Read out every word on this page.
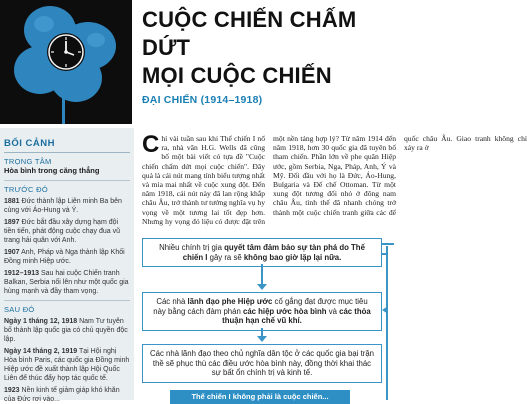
CUỘC CHIẾN CHẤM DỨT
MỌI CUỘC CHIẾN
ĐẠI CHIẾN (1914–1918)
BỐI CẢNH
TRỌNG TÂM
Hòa bình trong căng thẳng
TRƯỚC ĐÓ
1881 Đức thành lập Liên minh Ba bên cùng với Áo-Hung và Ý.
1897 Đức bắt đầu xây dựng hạm đội tiền tiến, phát động cuộc chạy đua vũ trang hải quân với Anh.
1907 Anh, Pháp và Nga thành lập Khối Đồng minh Hiệp ước.
1912–1913 Sau hai cuộc Chiến tranh Balkan, Serbia nổi lên như một quốc gia hùng mạnh và đầy tham vọng.
SAU ĐÓ
Ngày 1 tháng 12, 1918 Nam Tư tuyên bố thành lập quốc gia có chủ quyền độc lập.
Ngày 14 tháng 2, 1919 Tại Hội nghị Hòa bình Paris, các quốc gia Đồng minh Hiệp ước đề xuất thành lập Hội Quốc Liên để thúc đẩy hợp tác quốc tế.
1923 Nền kinh tế giảm giáp khó khăn của Đức rơi vào...
Chỉ vài tuần sau khi Thế chiến I nổ ra, nhà văn H.G. Wells đã cũng bố một bài viết có tựa đề "Cuộc chiến chấm dứt mọi cuộc chiến". Đây quả là cái nút mang tính biểu tượng nhất và mỉa mai nhất về cuộc xung đột. Đến năm 1918, cái nút này đã lan rộng khắp châu Âu, trở thành tư tưởng nghĩa vụ hy vọng về một tương lai tốt đẹp hơn. Nhưng hy vọng đó liệu có được đặt trên một nền tảng hợp lý? Từ năm 1914 đến năm 1918, hơn 30 quốc gia đã tuyên bố tham chiến. Phần lớn về phe quân Hiệp ước, gồm Serbia, Nga, Pháp, Anh, Ý và Mỹ. Đối đầu với họ là Đức, Áo-Hung, Bulgaria và Đế chế Ottoman. Từ một xung đột tương đối nhỏ ở đông nam châu Âu, tình thế đã nhanh chóng trở thành một cuộc chiến tranh giữa các đế quốc châu Âu. Giao tranh không chỉ xảy ra ở
Nhiều chính trị gia quyết tâm đảm bảo sự tàn phá do Thế chiến I gây ra sẽ không bao giờ lặp lại nữa.
Các nhà lãnh đạo phe Hiệp ước cố gắng đạt được mục tiêu này bằng cách đàm phán các hiệp ước hòa bình và các thỏa thuận hạn chế vũ khí.
Các nhà lãnh đạo theo chủ nghĩa dân tộc ở các quốc gia bại trận thề sẽ phục thù các điều ước hòa bình này, đồng thời khai thác sự bất ổn chính trị và kinh tế.
Thế chiến I không phải là cuộc chiến...
